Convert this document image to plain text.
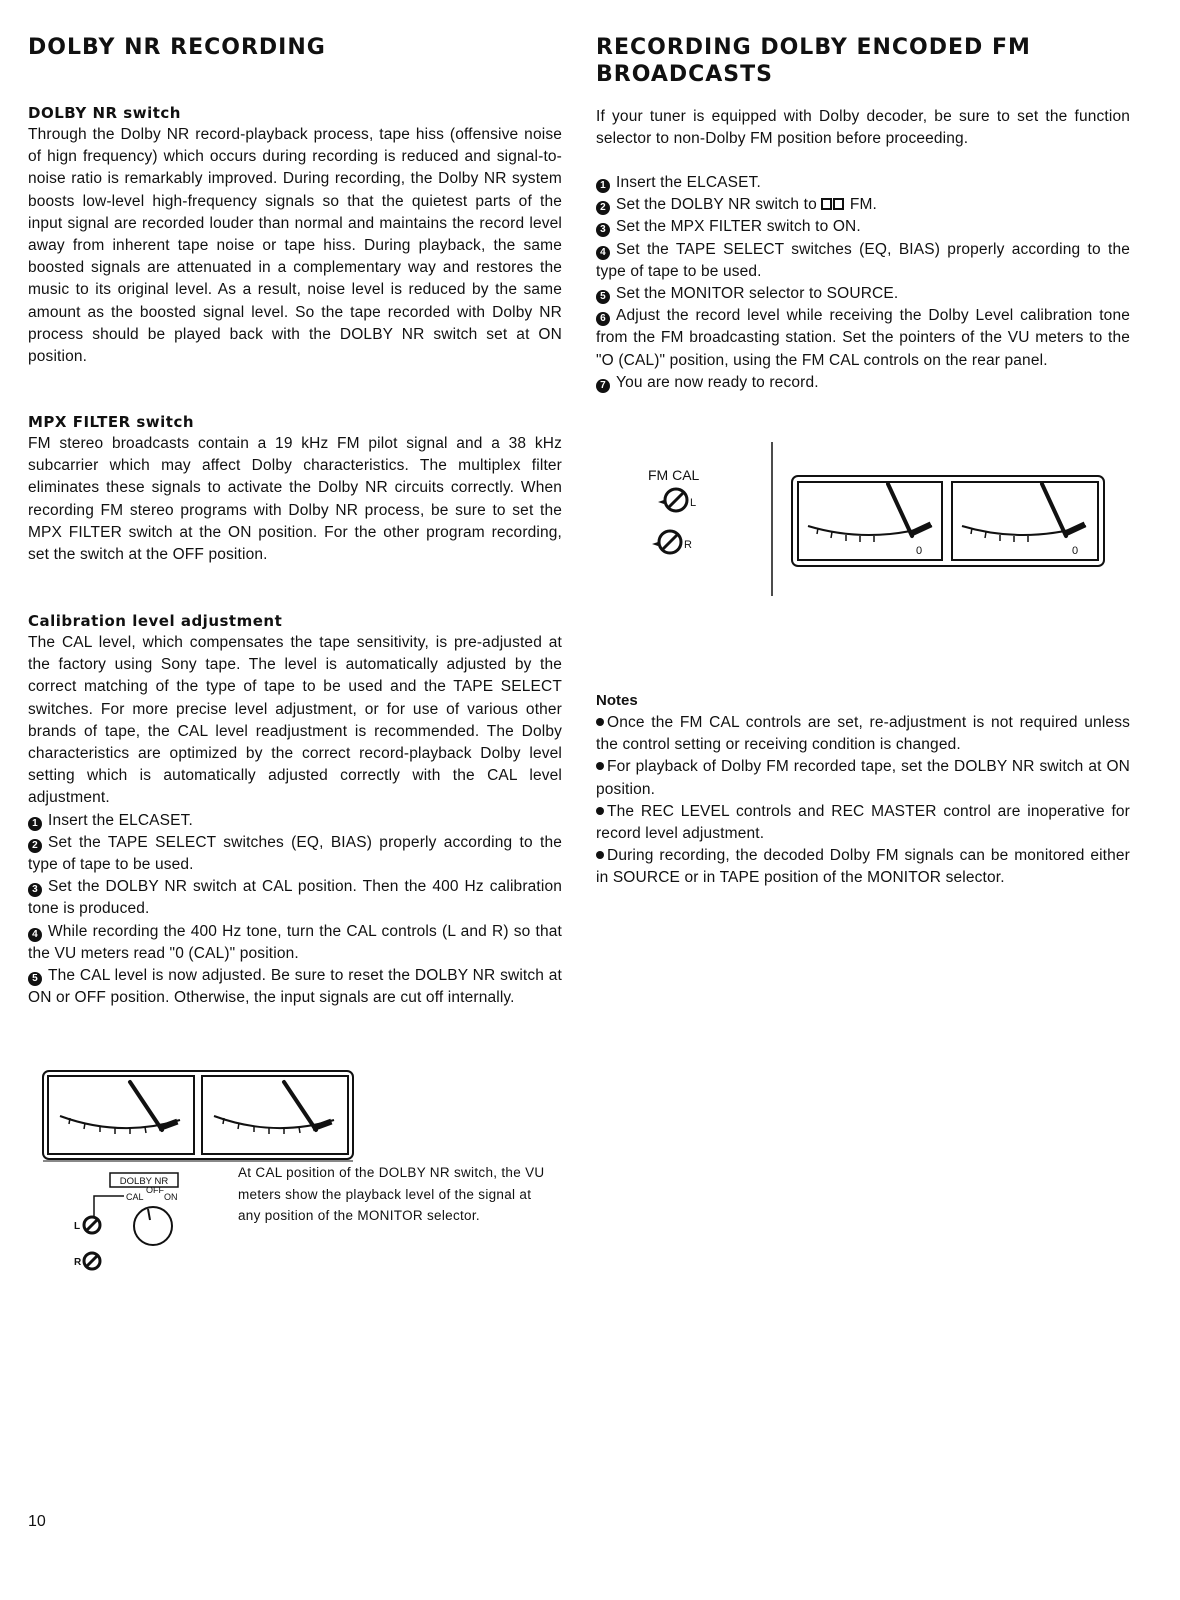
DOLBY NR RECORDING
DOLBY NR switch

Through the Dolby NR record-playback process, tape hiss (offensive noise of hign frequency) which occurs during recording is reduced and signal-to-noise ratio is remarkably improved. During recording, the Dolby NR system boosts low-level high-frequency signals so that the quietest parts of the input signal are recorded louder than normal and maintains the record level away from inherent tape noise or tape hiss. During playback, the same boosted signals are attenuated in a complementary way and restores the music to its original level. As a result, noise level is reduced by the same amount as the boosted signal level. So the tape recorded with Dolby NR process should be played back with the DOLBY NR switch set at ON position.

MPX FILTER switch

FM stereo broadcasts contain a 19 kHz FM pilot signal and a 38 kHz subcarrier which may affect Dolby characteristics. The multiplex filter eliminates these signals to activate the Dolby NR circuits correctly. When recording FM stereo programs with Dolby NR process, be sure to set the MPX FILTER switch at the ON position. For the other program recording, set the switch at the OFF position.

Calibration level adjustment

The CAL level, which compensates the tape sensitivity, is pre-adjusted at the factory using Sony tape. The level is automatically adjusted by the correct matching of the type of tape to be used and the TAPE SELECT switches. For more precise level adjustment, or for use of various other brands of tape, the CAL level readjustment is recommended. The Dolby characteristics are optimized by the correct record-playback Dolby level setting which is automatically adjusted correctly with the CAL level adjustment.

1 Insert the ELCASET.
2 Set the TAPE SELECT switches (EQ, BIAS) properly according to the type of tape to be used.
3 Set the DOLBY NR switch at CAL position. Then the 400 Hz calibration tone is produced.
4 While recording the 400 Hz tone, turn the CAL controls (L and R) so that the VU meters read "0 (CAL)" position.
5 The CAL level is now adjusted. Be sure to reset the DOLBY NR switch at ON or OFF position. Otherwise, the input signals are cut off internally.
DOLBY NR
CAL
OFF
ON
L
R
At CAL position of the DOLBY NR switch, the VU meters show the playback level of the signal at any position of the MONITOR selector.
RECORDING DOLBY ENCODED FM
BROADCASTS

If your tuner is equipped with Dolby decoder, be sure to set the function selector to non-Dolby FM position before proceeding.

1 Insert the ELCASET.
2 Set the DOLBY NR switch to FM.
3 Set the MPX FILTER switch to ON.
4 Set the TAPE SELECT switches (EQ, BIAS) properly according to the type of tape to be used.
5 Set the MONITOR selector to SOURCE.
6 Adjust the record level while receiving the Dolby Level calibration tone from the FM broadcasting station. Set the pointers of the VU meters to the "O (CAL)" position, using the FM CAL controls on the rear panel.
7 You are now ready to record.
Notes

Once the FM CAL controls are set, re-adjustment is not required unless the control setting or receiving condition is changed.

For playback of Dolby FM recorded tape, set the DOLBY NR switch at ON position.

The REC LEVEL controls and REC MASTER control are inoperative for record level adjustment.

During recording, the decoded Dolby FM signals can be monitored either in SOURCE or in TAPE position of the MONITOR selector.

FM CAL
L
R	0	0
10
